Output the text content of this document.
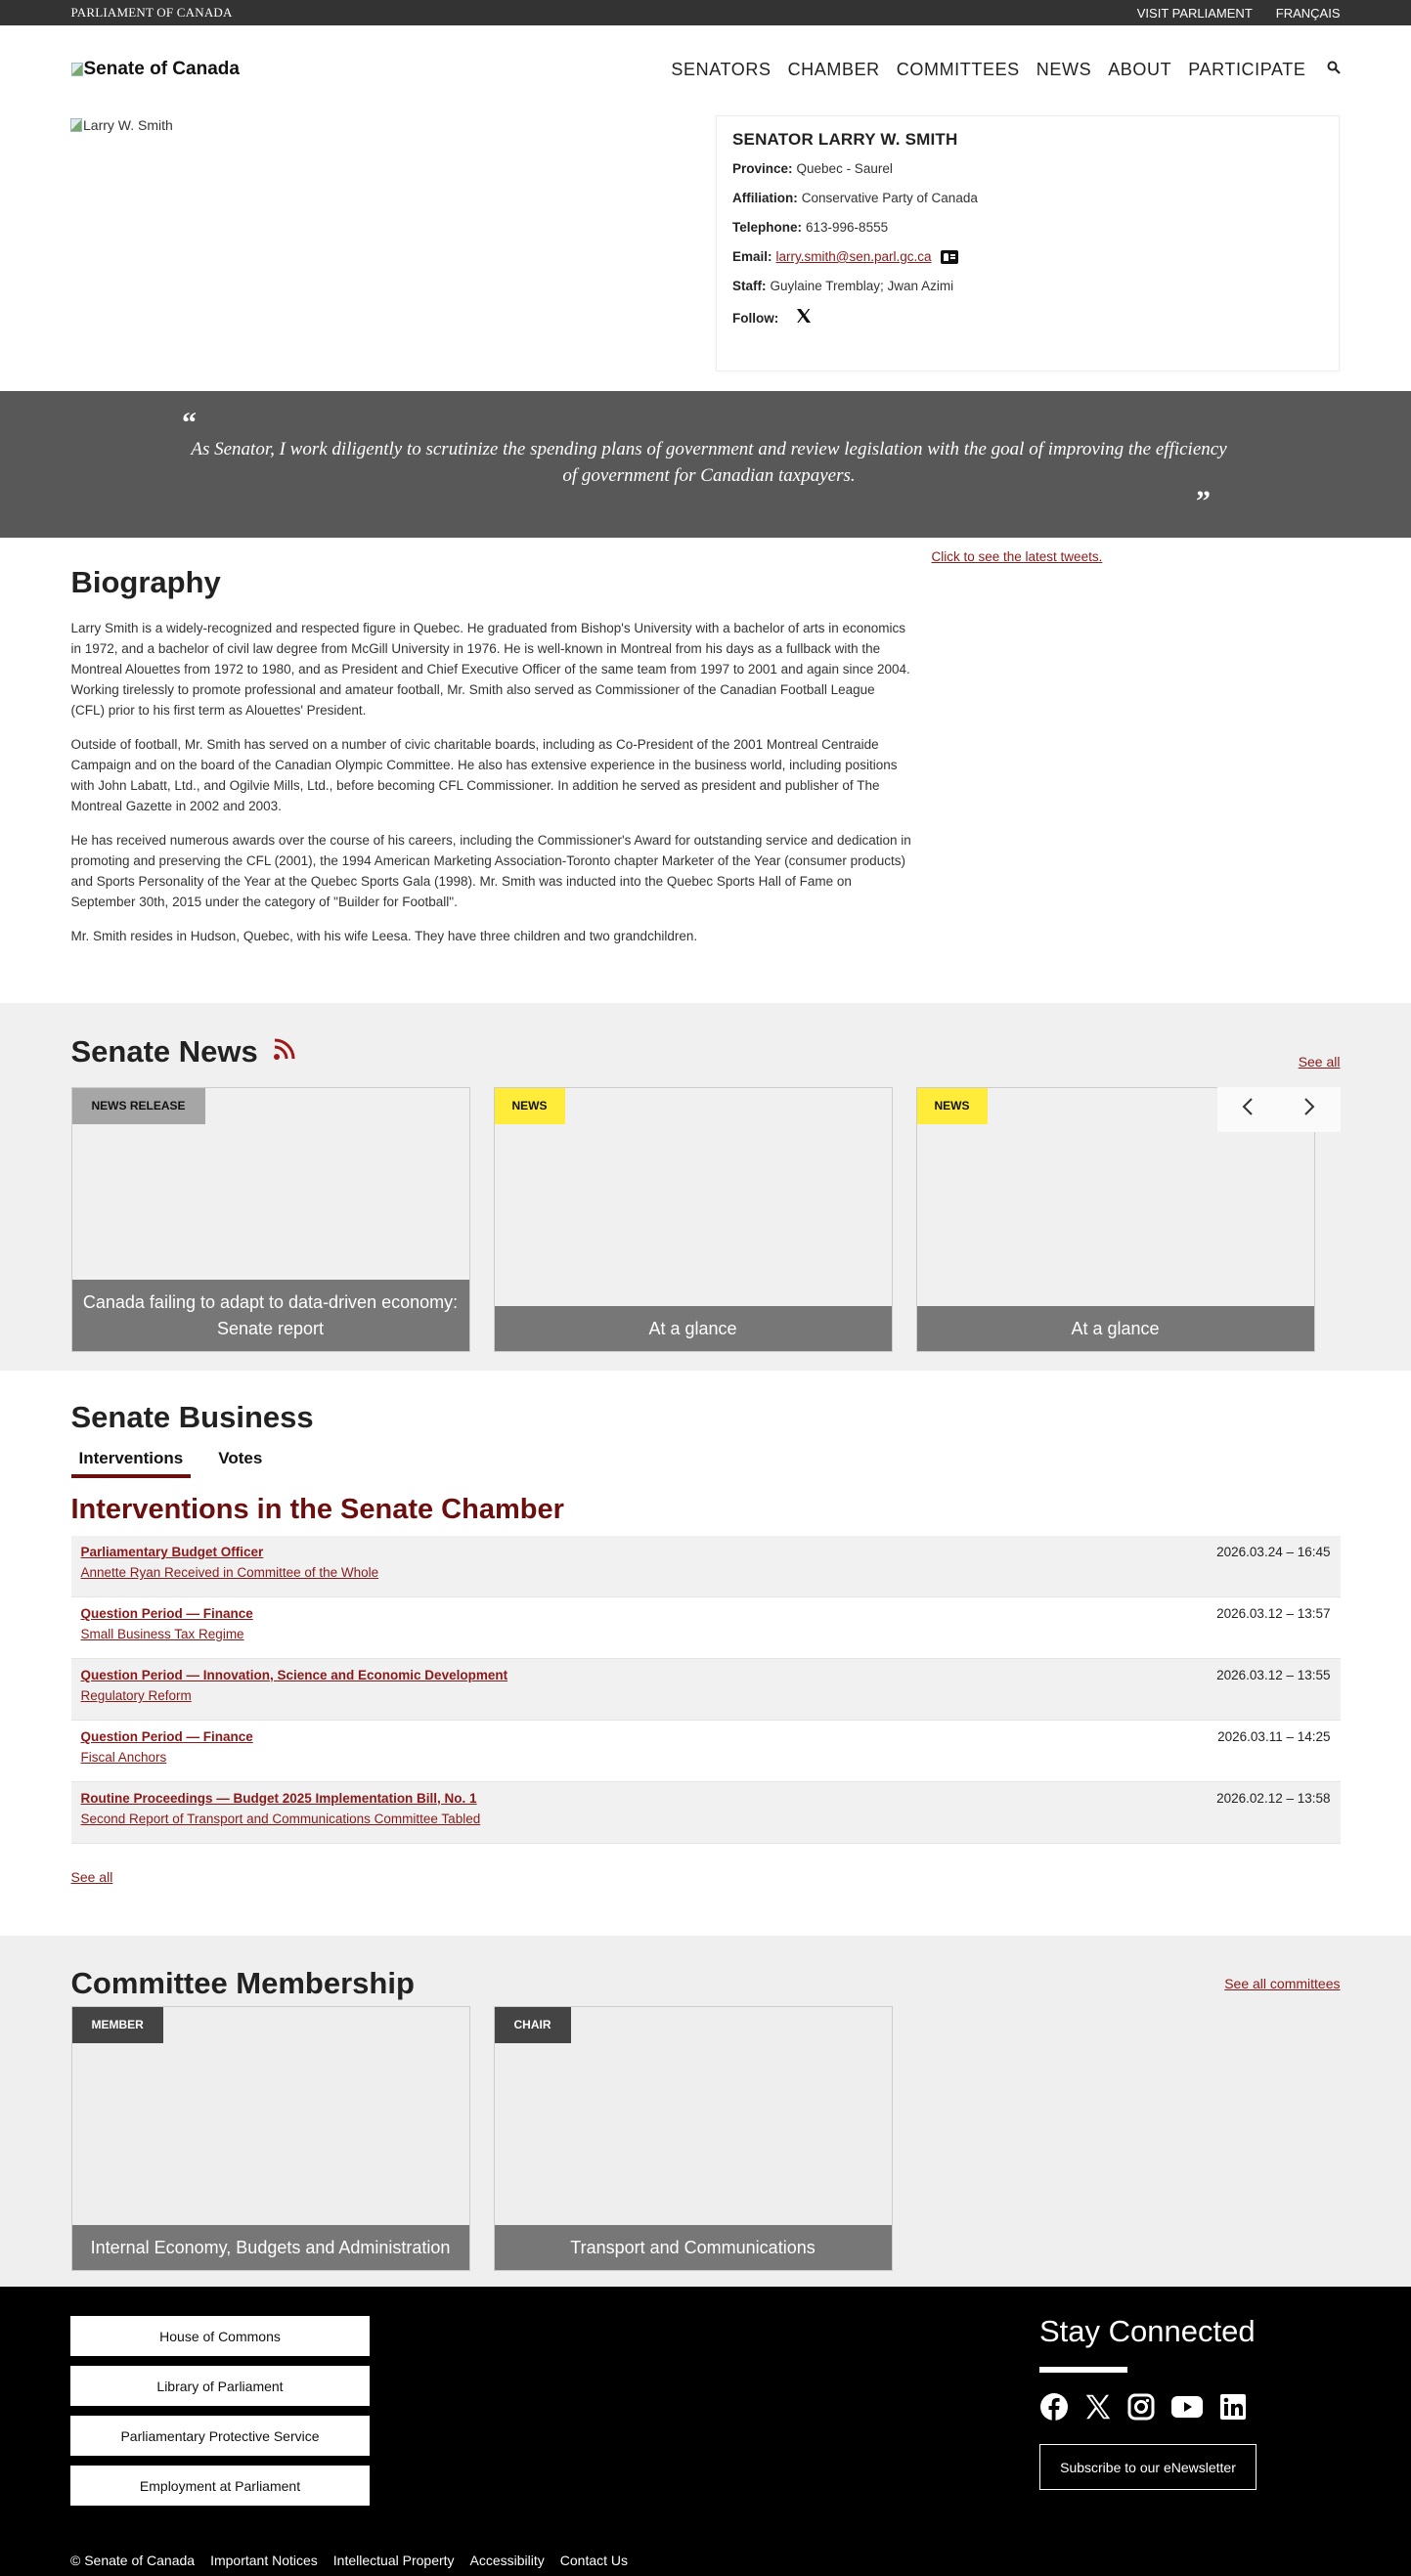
PARLIAMENT OF CANADA	VISIT PARLIAMENT FRANÇAIS
Senate of Canada	SENATORS CHAMBER COMMITTEES NEWS ABOUT PARTICIPATE
Larry W. Smith
SENATOR LARRY W. SMITH
Province: Quebec - Saurel
Affiliation: Conservative Party of Canada
Telephone: 613-996-8555
Email: larry.smith@sen.parl.gc.ca
Staff: Guylaine Tremblay; Jwan Azimi
Follow:
“
As Senator, I work diligently to scrutinize the spending plans of government and review legislation with the goal of improving the efficiency of government for Canadian taxpayers.
”
Click to see the latest tweets.
Biography

Larry Smith is a widely-recognized and respected figure in Quebec. He graduated from Bishop's University with a bachelor of arts in economics in 1972, and a bachelor of civil law degree from McGill University in 1976. He is well-known in Montreal from his days as a fullback with the Montreal Alouettes from 1972 to 1980, and as President and Chief Executive Officer of the same team from 1997 to 2001 and again since 2004. Working tirelessly to promote professional and amateur football, Mr. Smith also served as Commissioner of the Canadian Football League (CFL) prior to his first term as Alouettes' President.

Outside of football, Mr. Smith has served on a number of civic charitable boards, including as Co-President of the 2001 Montreal Centraide Campaign and on the board of the Canadian Olympic Committee. He also has extensive experience in the business world, including positions with John Labatt, Ltd., and Ogilvie Mills, Ltd., before becoming CFL Commissioner. In addition he served as president and publisher of The Montreal Gazette in 2002 and 2003.

He has received numerous awards over the course of his careers, including the Commissioner's Award for outstanding service and dedication in promoting and preserving the CFL (2001), the 1994 American Marketing Association-Toronto chapter Marketer of the Year (consumer products) and Sports Personality of the Year at the Quebec Sports Gala (1998). Mr. Smith was inducted into the Quebec Sports Hall of Fame on September 30th, 2015 under the category of "Builder for Football".

Mr. Smith resides in Hudson, Quebec, with his wife Leesa. They have three children and two grandchildren.

Senate News	See all
NEWS RELEASE
Canada failing to adapt to data-driven economy: Senate report
NEWS
At a glance
NEWS
At a glance
Senate Business
Interventions	Votes
Interventions in the Senate Chamber
Parliamentary Budget Officer
Annette Ryan Received in Committee of the Whole
2026.03.24 – 16:45
Question Period — Finance
Small Business Tax Regime
2026.03.12 – 13:57
Question Period — Innovation, Science and Economic Development
Regulatory Reform
2026.03.12 – 13:55
Question Period — Finance
Fiscal Anchors
2026.03.11 – 14:25
Routine Proceedings — Budget 2025 Implementation Bill, No. 1
Second Report of Transport and Communications Committee Tabled
2026.02.12 – 13:58
See all
Committee Membership	See all committees
MEMBER
Internal Economy, Budgets and Administration
CHAIR
Transport and Communications
House of Commons
Library of Parliament
Parliamentary Protective Service
Employment at Parliament
Stay Connected
Subscribe to our eNewsletter
© Senate of Canada Important Notices Intellectual Property Accessibility Contact Us
